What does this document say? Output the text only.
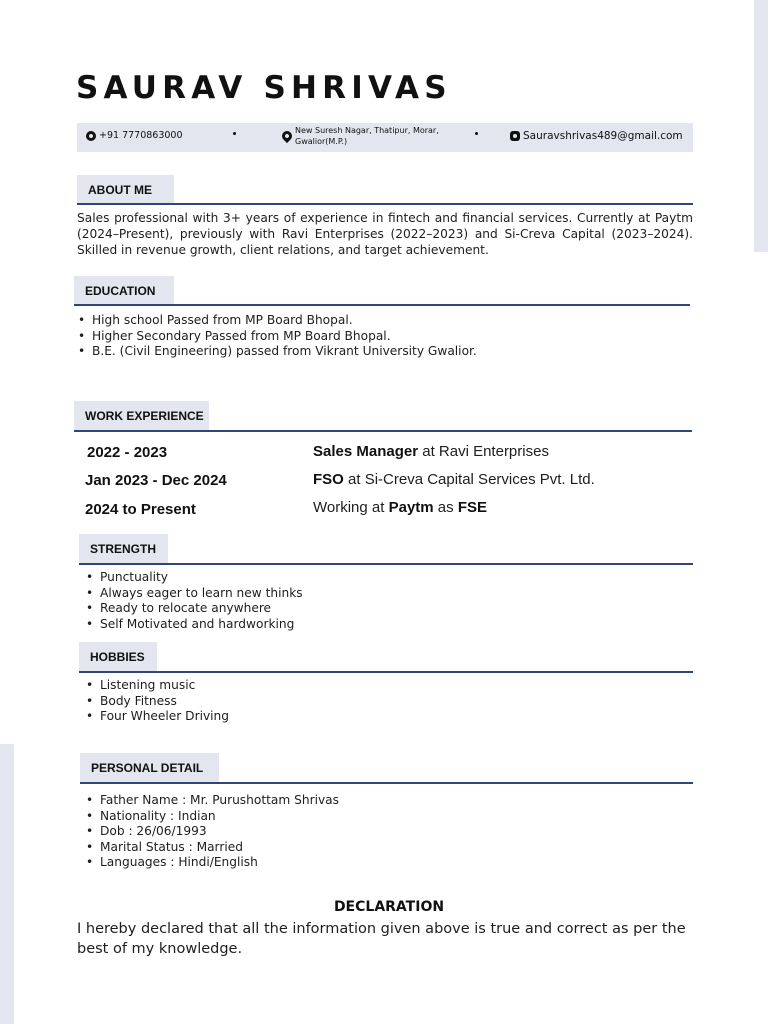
SAURAV SHRIVAS
+91 7770863000	New Suresh Nagar, Thatipur, Morar,
Gwalior(M.P.)	Sauravshrivas489@gmail.com
ABOUT ME

Sales professional with 3+ years of experience in fintech and financial services. Currently at Paytm (2024–Present), previously with Ravi Enterprises (2022–2023) and Si-Creva Capital (2023–2024). Skilled in revenue growth, client relations, and target achievement.

EDUCATION
• High school Passed from MP Board Bhopal.
• Higher Secondary Passed from MP Board Bhopal.
• B.E. (Civil Engineering) passed from Vikrant University Gwalior.
WORK EXPERIENCE
2022 - 2023	Sales Manager at Ravi Enterprises
Jan 2023 - Dec 2024	FSO at Si-Creva Capital Services Pvt. Ltd.
2024 to Present	Working at Paytm as FSE
STRENGTH
• Punctuality
• Always eager to learn new thinks
• Ready to relocate anywhere
• Self Motivated and hardworking
HOBBIES
• Listening music
• Body Fitness
• Four Wheeler Driving
PERSONAL DETAIL
• Father Name : Mr. Purushottam Shrivas
• Nationality : Indian
• Dob : 26/06/1993
• Marital Status : Married
• Languages : Hindi/English
DECLARATION

I hereby declared that all the information given above is true and correct as per the best of my knowledge.
